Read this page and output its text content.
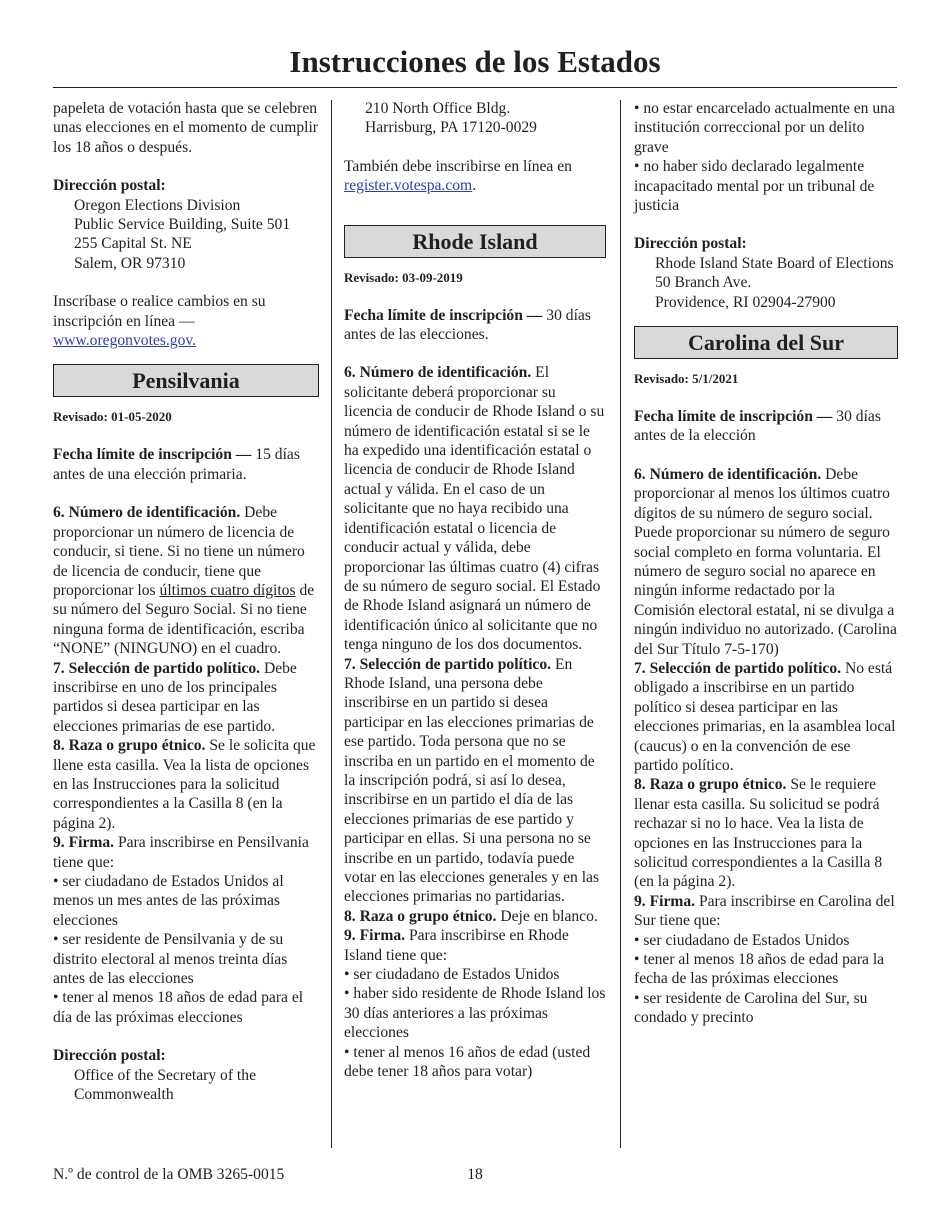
Instrucciones de los Estados

papeleta de votación hasta que se celebren unas elecciones en el momento de cumplir los 18 años o después.

Dirección postal:

Oregon Elections Division

Public Service Building, Suite 501

255 Capital St. NE

Salem, OR 97310

Inscríbase o realice cambios en su inscripción en línea — www.oregonvotes.gov.

Pensilvania

Revisado: 01-05-2020

Fecha límite de inscripción — 15 días antes de una elección primaria.

6. Número de identificación. Debe proporcionar un número de licencia de conducir, si tiene. Si no tiene un número de licencia de conducir, tiene que proporcionar los últimos cuatro dígitos de su número del Seguro Social. Si no tiene ninguna forma de identificación, escriba “NONE” (NINGUNO) en el cuadro.

7. Selección de partido político. Debe inscribirse en uno de los principales partidos si desea participar en las elecciones primarias de ese partido.

8. Raza o grupo étnico. Se le solicita que llene esta casilla. Vea la lista de opciones en las Instrucciones para la solicitud correspondientes a la Casilla 8 (en la página 2).

9. Firma. Para inscribirse en Pensilvania tiene que:

• ser ciudadano de Estados Unidos al menos un mes antes de las próximas elecciones

• ser residente de Pensilvania y de su distrito electoral al menos treinta días antes de las elecciones

• tener al menos 18 años de edad para el día de las próximas elecciones

Dirección postal:

Office of the Secretary of the Commonwealth

210 North Office Bldg.

Harrisburg, PA 17120-0029

También debe inscribirse en línea en register.votespa.com.

Rhode Island

Revisado: 03-09-2019

Fecha límite de inscripción — 30 días antes de las elecciones.

6. Número de identificación. El solicitante deberá proporcionar su licencia de conducir de Rhode Island o su número de identificación estatal si se le ha expedido una identificación estatal o licencia de conducir de Rhode Island actual y válida. En el caso de un solicitante que no haya recibido una identificación estatal o licencia de conducir actual y válida, debe proporcionar las últimas cuatro (4) cifras de su número de seguro social. El Estado de Rhode Island asignará un número de identificación único al solicitante que no tenga ninguno de los dos documentos.

7. Selección de partido político. En Rhode Island, una persona debe inscribirse en un partido si desea participar en las elecciones primarias de ese partido. Toda persona que no se inscriba en un partido en el momento de la inscripción podrá, si así lo desea, inscribirse en un partido el día de las elecciones primarias de ese partido y participar en ellas. Si una persona no se inscribe en un partido, todavía puede votar en las elecciones generales y en las elecciones primarias no partidarias.

8. Raza o grupo étnico. Deje en blanco.

9. Firma. Para inscribirse en Rhode Island tiene que:

• ser ciudadano de Estados Unidos

• haber sido residente de Rhode Island los 30 días anteriores a las próximas elecciones

• tener al menos 16 años de edad (usted debe tener 18 años para votar)

• no estar encarcelado actualmente en una institución correccional por un delito grave

• no haber sido declarado legalmente incapacitado mental por un tribunal de justicia

Dirección postal:

Rhode Island State Board of Elections

50 Branch Ave.

Providence, RI 02904-27900

Carolina del Sur

Revisado: 5/1/2021

Fecha límite de inscripción — 30 días antes de la elección

6. Número de identificación. Debe proporcionar al menos los últimos cuatro dígitos de su número de seguro social. Puede proporcionar su número de seguro social completo en forma voluntaria. El número de seguro social no aparece en ningún informe redactado por la Comisión electoral estatal, ni se divulga a ningún individuo no autorizado. (Carolina del Sur Título 7-5-170)

7. Selección de partido político. No está obligado a inscribirse en un partido político si desea participar en las elecciones primarias, en la asamblea local (caucus) o en la convención de ese partido político.

8. Raza o grupo étnico. Se le requiere llenar esta casilla. Su solicitud se podrá rechazar si no lo hace. Vea la lista de opciones en las Instrucciones para la solicitud correspondientes a la Casilla 8 (en la página 2).

9. Firma. Para inscribirse en Carolina del Sur tiene que:

• ser ciudadano de Estados Unidos

• tener al menos 18 años de edad para la fecha de las próximas elecciones

• ser residente de Carolina del Sur, su condado y precinto

N.º de control de la OMB 3265-0015	18
